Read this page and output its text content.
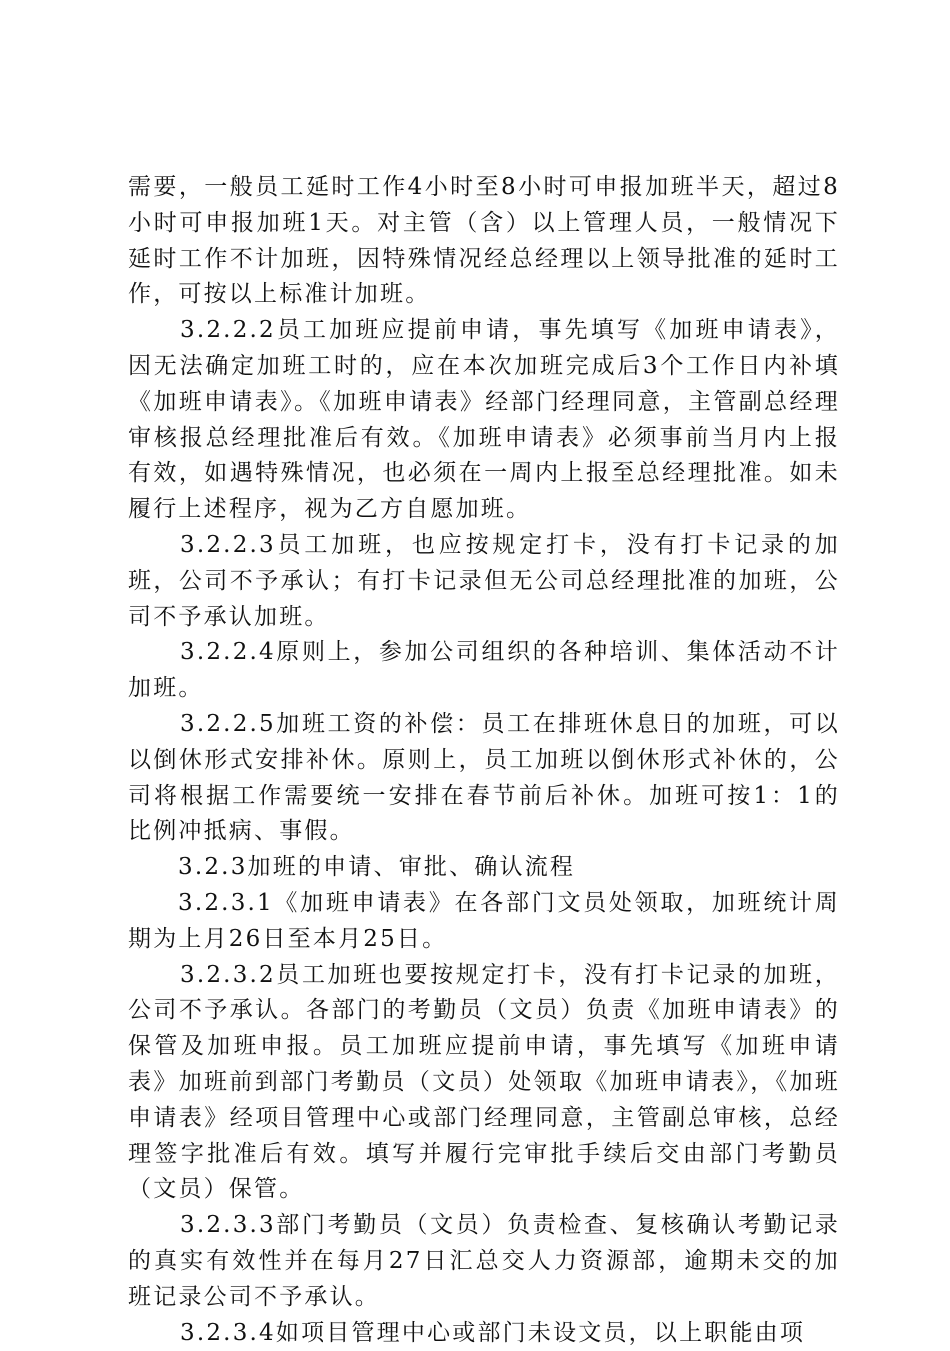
需要，一般员工延时工作4小时至8小时可申报加班半天，超过8小时可申报加班1天。对主管（含）以上管理人员，一般情况下延时工作不计加班，因特殊情况经总经理以上领导批准的延时工作，可按以上标准计加班。

3.2.2.2员工加班应提前申请，事先填写《加班申请表》，因无法确定加班工时的，应在本次加班完成后3个工作日内补填《加班申请表》。《加班申请表》经部门经理同意，主管副总经理审核报总经理批准后有效。《加班申请表》必须事前当月内上报有效，如遇特殊情况，也必须在一周内上报至总经理批准。如未履行上述程序，视为乙方自愿加班。

3.2.2.3员工加班，也应按规定打卡，没有打卡记录的加班，公司不予承认；有打卡记录但无公司总经理批准的加班，公司不予承认加班。

3.2.2.4原则上，参加公司组织的各种培训、集体活动不计加班。

3.2.2.5加班工资的补偿：员工在排班休息日的加班，可以以倒休形式安排补休。原则上，员工加班以倒休形式补休的，公司将根据工作需要统一安排在春节前后补休。加班可按1：1的比例冲抵病、事假。

3.2.3加班的申请、审批、确认流程

3.2.3.1《加班申请表》在各部门文员处领取，加班统计周期为上月26日至本月25日。

3.2.3.2员工加班也要按规定打卡，没有打卡记录的加班，公司不予承认。各部门的考勤员（文员）负责《加班申请表》的保管及加班申报。员工加班应提前申请，事先填写《加班申请表》加班前到部门考勤员（文员）处领取《加班申请表》，《加班申请表》经项目管理中心或部门经理同意，主管副总审核，总经理签字批准后有效。填写并履行完审批手续后交由部门考勤员（文员）保管。

3.2.3.3部门考勤员（文员）负责检查、复核确认考勤记录的真实有效性并在每月27日汇总交人力资源部，逾期未交的加班记录公司不予承认。

3.2.3.4如项目管理中心或部门未设文员，以上职能由项
